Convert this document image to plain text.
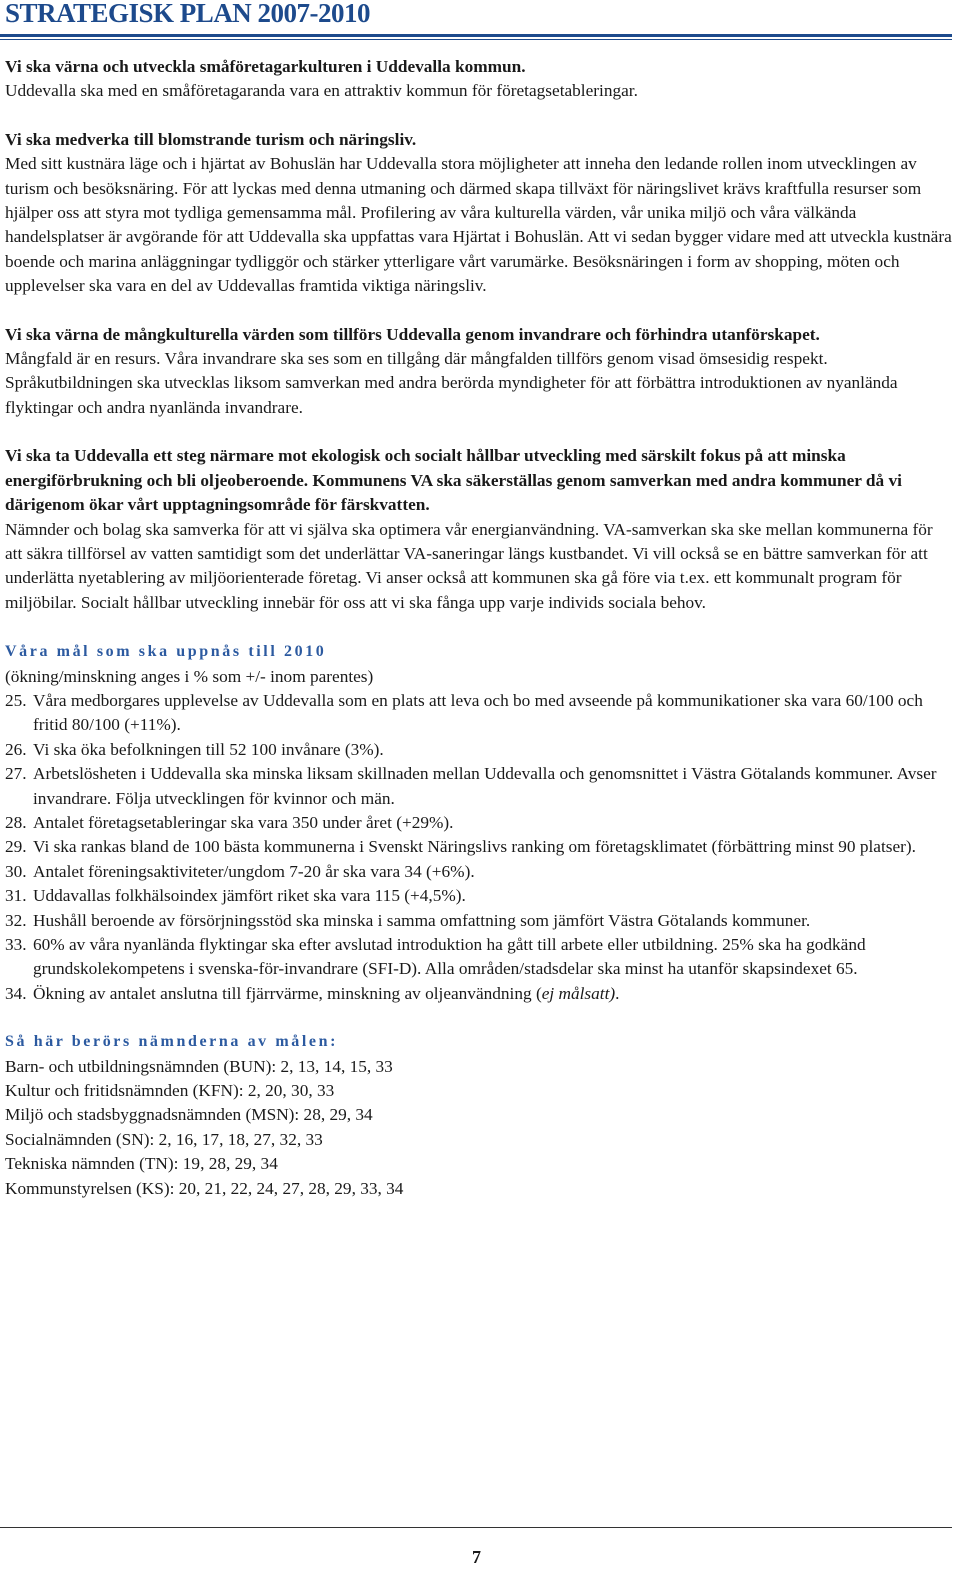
STRATEGISK PLAN 2007-2010

Vi ska värna och utveckla småföretagarkulturen i Uddevalla kommun.

Uddevalla ska med en småföretagaranda vara en attraktiv kommun för företagsetableringar.

Vi ska medverka till blomstrande turism och näringsliv.

Med sitt kustnära läge och i hjärtat av Bohuslän har Uddevalla stora möjligheter att inneha den ledande rollen inom utvecklingen av turism och besöksnäring. För att lyckas med denna utmaning och därmed skapa tillväxt för näringslivet krävs kraftfulla resurser som hjälper oss att styra mot tydliga gemensamma mål. Profilering av våra kulturella värden, vår unika miljö och våra välkända handelsplatser är avgörande för att Uddevalla ska uppfattas vara Hjärtat i Bohuslän. Att vi sedan bygger vidare med att utveckla kustnära boende och marina anläggningar tydliggör och stärker ytterligare vårt varumärke. Besöksnäringen i form av shopping, möten och upplevelser ska vara en del av Uddevallas framtida viktiga näringsliv.

Vi ska värna de mångkulturella värden som tillförs Uddevalla genom invandrare och förhindra utanförskapet.

Mångfald är en resurs. Våra invandrare ska ses som en tillgång där mångfalden tillförs genom visad ömsesidig respekt. Språkutbildningen ska utvecklas liksom samverkan med andra berörda myndigheter för att förbättra introduktionen av nyanlända flyktingar och andra nyanlända invandrare.

Vi ska ta Uddevalla ett steg närmare mot ekologisk och socialt hållbar utveckling med särskilt fokus på att minska energiförbrukning och bli oljeoberoende. Kommunens VA ska säkerställas genom samverkan med andra kommuner då vi därigenom ökar vårt upptagningsområde för färskvatten.

Nämnder och bolag ska samverka för att vi själva ska optimera vår energianvändning. VA-samverkan ska ske mellan kommunerna för att säkra tillförsel av vatten samtidigt som det underlättar VA-saneringar längs kustbandet. Vi vill också se en bättre samverkan för att underlätta nyetablering av miljöorienterade företag. Vi anser också att kommunen ska gå före via t.ex. ett kommunalt program för miljöbilar. Socialt hållbar utveckling innebär för oss att vi ska fånga upp varje individs sociala behov.

Våra mål som ska uppnås till 2010

(ökning/minskning anges i % som +/- inom parentes)

25. Våra medborgares upplevelse av Uddevalla som en plats att leva och bo med avseende på kommunikationer ska vara 60/100 och fritid 80/100 (+11%).
26. Vi ska öka befolkningen till 52 100 invånare (3%).
27. Arbetslösheten i Uddevalla ska minska liksam skillnaden mellan Uddevalla och genomsnittet i Västra Götalands kommuner. Avser invandrare. Följa utvecklingen för kvinnor och män.
28. Antalet företagsetableringar ska vara 350 under året (+29%).
29. Vi ska rankas bland de 100 bästa kommunerna i Svenskt Näringslivs ranking om företagsklimatet (förbättring minst 90 platser).
30. Antalet föreningsaktiviteter/ungdom 7-20 år ska vara 34 (+6%).
31. Uddavallas folkhälsoindex jämfört riket ska vara 115 (+4,5%).
32. Hushåll beroende av försörjningsstöd ska minska i samma omfattning som jämfört Västra Götalands kommuner.
33. 60% av våra nyanlända flyktingar ska efter avslutad introduktion ha gått till arbete eller utbildning. 25% ska ha godkänd grundskolekompetens i svenska-för-invandrare (SFI-D). Alla områden/stadsdelar ska minst ha utanför skapsindexet 65.
34. Ökning av antalet anslutna till fjärrvärme, minskning av oljeanvändning (ej målsatt).

Så här berörs nämnderna av målen:

Barn- och utbildningsnämnden (BUN): 2, 13, 14, 15, 33

Kultur och fritidsnämnden (KFN): 2, 20, 30, 33

Miljö och stadsbyggnadsnämnden (MSN): 28, 29, 34

Socialnämnden (SN): 2, 16, 17, 18, 27, 32, 33

Tekniska nämnden (TN): 19, 28, 29, 34

Kommunstyrelsen (KS): 20, 21, 22, 24, 27, 28, 29, 33, 34

7
